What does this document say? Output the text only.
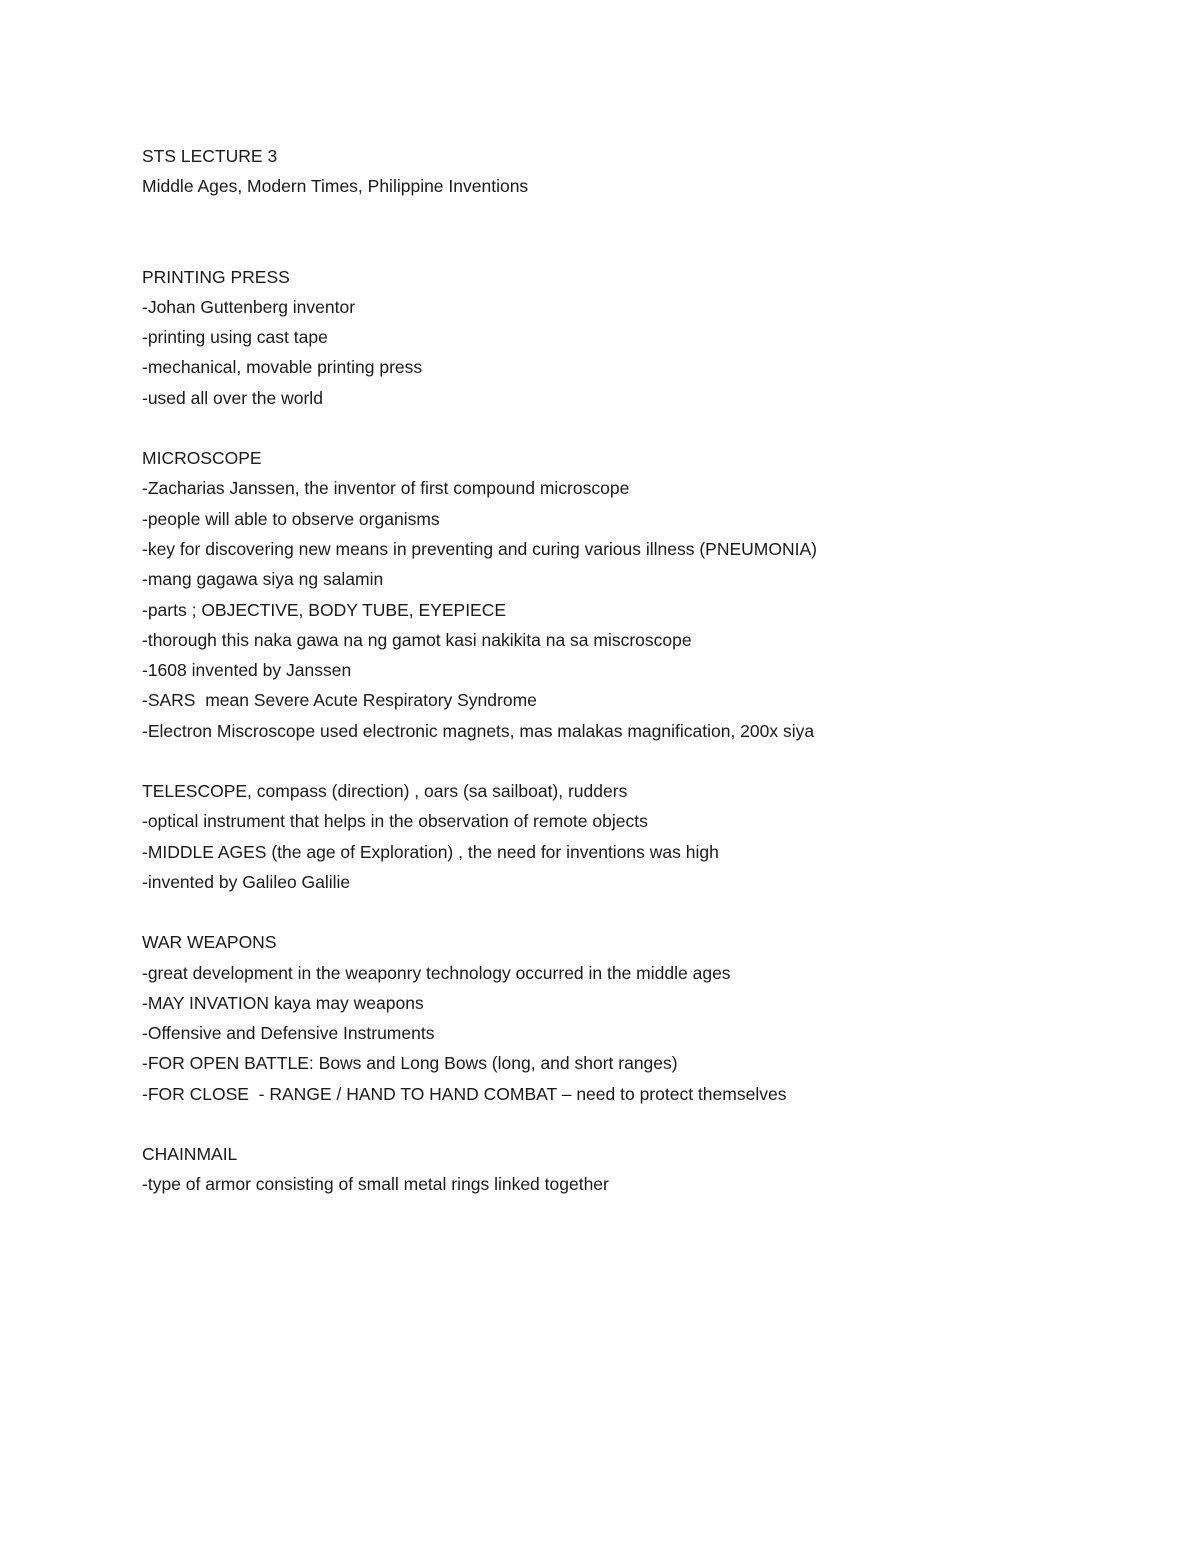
STS LECTURE 3
Middle Ages, Modern Times, Philippine Inventions
PRINTING PRESS
-Johan Guttenberg inventor
-printing using cast tape
-mechanical, movable printing press
-used all over the world
MICROSCOPE
-Zacharias Janssen, the inventor of first compound microscope
-people will able to observe organisms
-key for discovering new means in preventing and curing various illness (PNEUMONIA)
-mang gagawa siya ng salamin
-parts ; OBJECTIVE, BODY TUBE, EYEPIECE
-thorough this naka gawa na ng gamot kasi nakikita na sa miscroscope
-1608 invented by Janssen
-SARS  mean Severe Acute Respiratory Syndrome
-Electron Miscroscope used electronic magnets, mas malakas magnification, 200x siya
TELESCOPE, compass (direction) , oars (sa sailboat), rudders
-optical instrument that helps in the observation of remote objects
-MIDDLE AGES (the age of Exploration) , the need for inventions was high
-invented by Galileo Galilie
WAR WEAPONS
-great development in the weaponry technology occurred in the middle ages
-MAY INVATION kaya may weapons
-Offensive and Defensive Instruments
-FOR OPEN BATTLE: Bows and Long Bows (long, and short ranges)
-FOR CLOSE  - RANGE / HAND TO HAND COMBAT – need to protect themselves
CHAINMAIL
-type of armor consisting of small metal rings linked together
